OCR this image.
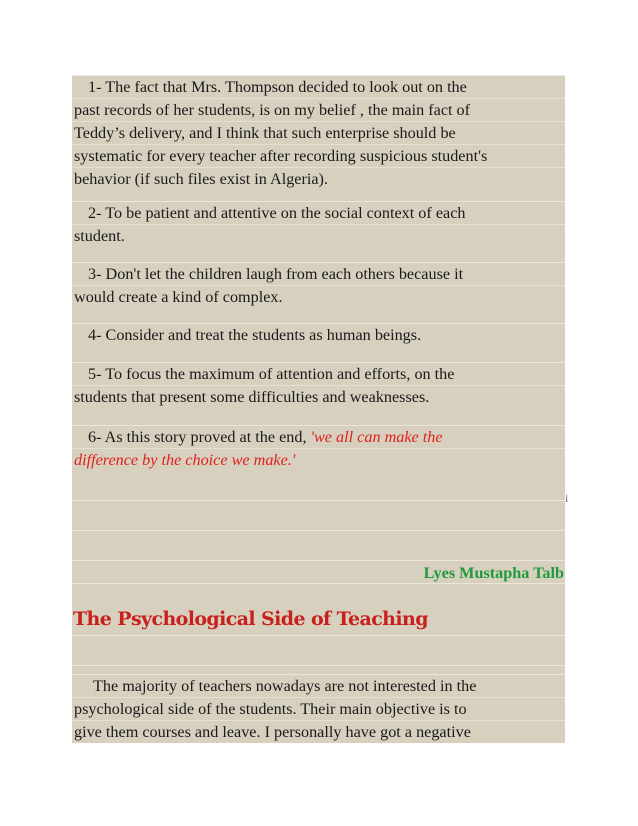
1- The fact that Mrs. Thompson decided to look out on the
past records of her students, is on my belief , the main fact of
Teddy’s delivery, and I think that such enterprise should be
systematic for every teacher after recording suspicious student's
behavior (if such files exist in Algeria).
2- To be patient and attentive on the social context of each
student.
3- Don't let the children laugh from each others because it
would create a kind of complex.
4- Consider and treat the students as human beings.
5- To focus the maximum of attention and efforts, on the
students that present some difficulties and weaknesses.
6- As this story proved at the end, 'we all can make the
difference by the choice we make.'
Lyes Mustapha Talb
The Psychological Side of Teaching
The majority of teachers nowadays are not interested in the
psychological side of the students. Their main objective is to
give them courses and leave. I personally have got a negative
i
